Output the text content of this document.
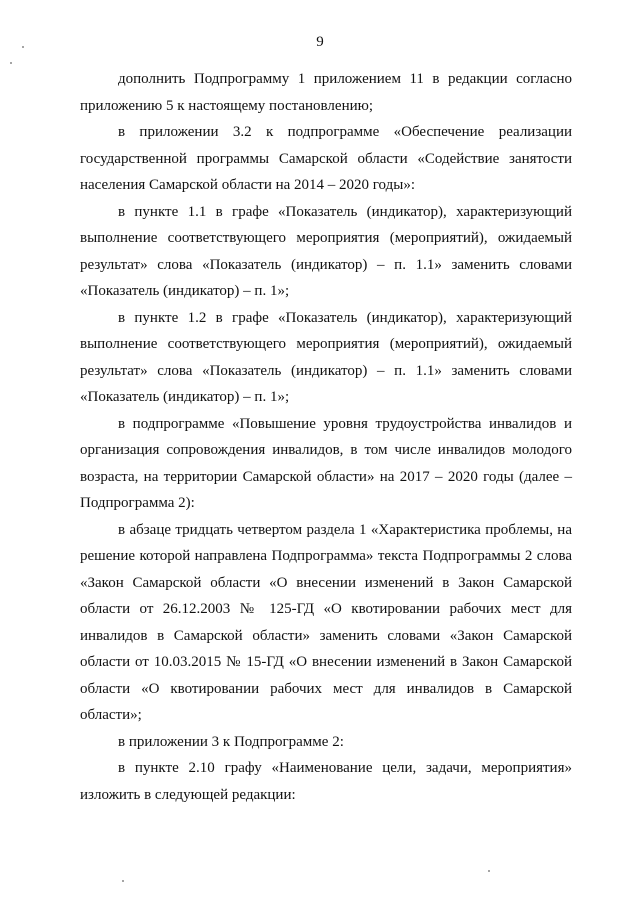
9

дополнить Подпрограмму 1 приложением 11 в редакции согласно приложению 5 к настоящему постановлению;

в приложении 3.2 к подпрограмме «Обеспечение реализации государственной программы Самарской области «Содействие занятости населения Самарской области на 2014 – 2020 годы»:

в пункте 1.1 в графе «Показатель (индикатор), характеризующий выполнение соответствующего мероприятия (мероприятий), ожидаемый результат» слова «Показатель (индикатор) – п. 1.1» заменить словами «Показатель (индикатор) – п. 1»;

в пункте 1.2 в графе «Показатель (индикатор), характеризующий выполнение соответствующего мероприятия (мероприятий), ожидаемый результат» слова «Показатель (индикатор) – п. 1.1» заменить словами «Показатель (индикатор) – п. 1»;

в подпрограмме «Повышение уровня трудоустройства инвалидов и организация сопровождения инвалидов, в том числе инвалидов молодого возраста, на территории Самарской области» на 2017 – 2020 годы (далее – Подпрограмма 2):

в абзаце тридцать четвертом раздела 1 «Характеристика проблемы, на решение которой направлена Подпрограмма» текста Подпрограммы 2 слова «Закон Самарской области «О внесении изменений в Закон Самарской области от 26.12.2003 № 125-ГД «О квотировании рабочих мест для инвалидов в Самарской области» заменить словами «Закон Самарской области от 10.03.2015 № 15-ГД «О внесении изменений в Закон Самарской области «О квотировании рабочих мест для инвалидов в Самарской области»;

в приложении 3 к Подпрограмме 2:

в пункте 2.10 графу «Наименование цели, задачи, мероприятия» изложить в следующей редакции:
